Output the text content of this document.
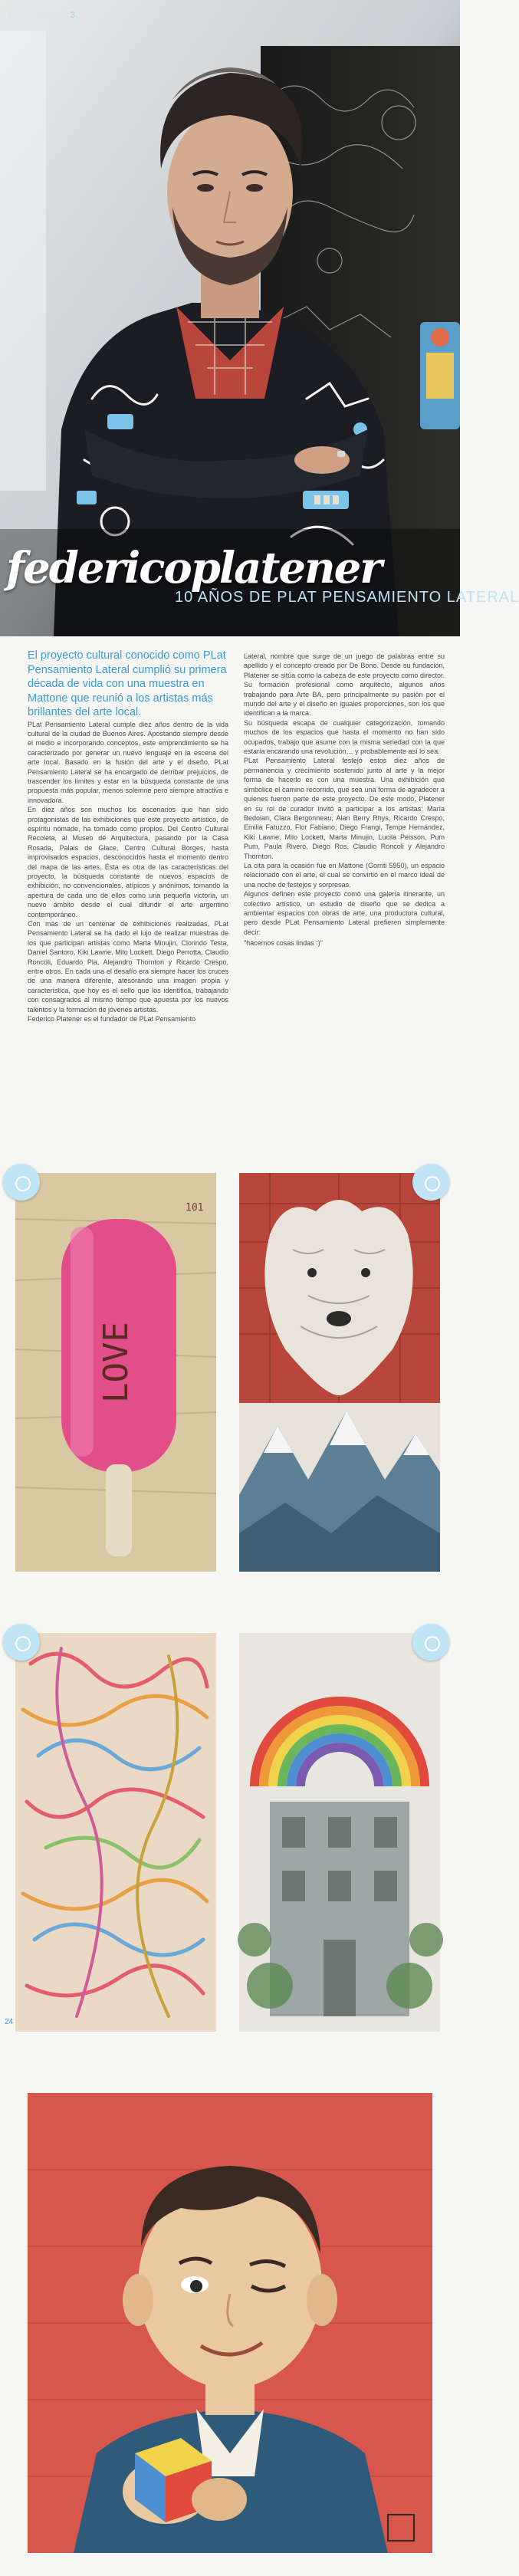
REVIEW | 24 3
federicoplatener
10 AÑOS DE PLAT PENSAMIENTO LATERAL

El proyecto cultural conocido como PLat Pensamiento Lateral cumplió su primera década de vida con una muestra en Mattone que reunió a los artistas más brillantes del arte local.

PLat Pensamiento Lateral cumple diez años dentro de la vida cultural de la ciudad de Buenos Aires. Apostando siempre desde el medio e incorporando conceptos, este emprendimiento se ha caracterizado por generar un nuevo lenguaje en la escena del arte local. Basado en la fusión del arte y el diseño, PLat Pensamiento Lateral se ha encargado de derribar prejuicios, de trascender los límites y estar en la búsqueda constante de una propuesta más popular, menos solemne pero siempre atractiva e innovadora.

En diez años son muchos los escenarios que han sido protagonistas de las exhibiciones que este proyecto artístico, de espíritu nómade, ha tomado como propios. Del Centro Cultural Recoleta, al Museo de Arquitectura, pasando por la Casa Rosada, Palais de Glace, Centro Cultural Borges, hasta improvisados espacios, desconocidos hasta el momento dentro del mapa de las artes. Ésta es otra de las características del proyecto, la búsqueda constante de nuevos espacios de exhibición, no convencionales, atípicos y anónimos, tomando la apertura de cada uno de ellos como una pequeña victoria, un nuevo ámbito desde el cual difundir el arte argentino contemporáneo.

Con más de un centenar de exhibiciones realizadas, PLat Pensamiento Lateral se ha dado el lujo de realizar muestras de los que participan artistas como Marta Minujin, Clorindo Testa, Daniel Santoro, Kiki Lawrie, Milo Lockett, Diego Perrotta, Claudio Roncoli, Eduardo Pla, Alejandro Thornton y Ricardo Crespo, entre otros. En cada una el desafío era siempre hacer los cruces de una manera diferente, atesorando una imagen propia y característica, que hoy es el sello que los identifica, trabajando con consagrados al mismo tiempo que apuesta por los nuevos talentos y la formación de jóvenes artistas.

Federico Platener es el fundador de PLat Pensamiento

Lateral, nombre que surge de un juego de palabras entre su apellido y el concepto creado por De Bono. Desde su fundación, Platener se sitúa como la cabeza de este proyecto como director. Su formación profesional como arquitecto, algunos años trabajando para Arte BA, pero principalmente su pasión por el mundo del arte y el diseño en iguales proporciones, son los que identifican a la marca.

Su búsqueda escapa de cualquier categorización, tomando muchos de los espacios que hasta el momento no han sido ocupados, trabajo que asume con la misma seriedad con la que estaría encarando una revolución… y probablemente así lo sea.

PLat Pensamiento Lateral festejó estos diez años de permanencia y crecimiento sostenido junto al arte y la mejor forma de hacerlo es con una muestra. Una exhibición que simbolice el camino recorrido, que sea una forma de agradecer a quienes fueron parte de este proyecto. De este modo, Platener en su rol de curador invitó a participar a los artistas: María Bedoian, Clara Bergonneau, Alan Berry Rhys, Ricardo Crespo, Emilia Fatuzzo, Flor Fabiano, Diego Frangi, Tempe Hernández, Kiki Lawrie, Milo Lockett, Marta Minujin, Lucila Peisson, Pum Pum, Paula Rivero, Diego Ros, Claudio Roncoli y Alejandro Thornton.

La cita para la ocasión fue en Mattone (Gorriti 5950), un espacio relacionado con el arte, el cual se convirtió en el marco ideal de una noche de festejos y sorpresas.

Algunos definen este proyecto como una galería itinerante, un colectivo artístico, un estudio de diseño que se dedica a ambientar espacios con obras de arte, una productora cultural, pero desde PLat Pensamiento Lateral prefieren simplemente decir:

"hacemos cosas lindas :)"

LOVE
101
24
